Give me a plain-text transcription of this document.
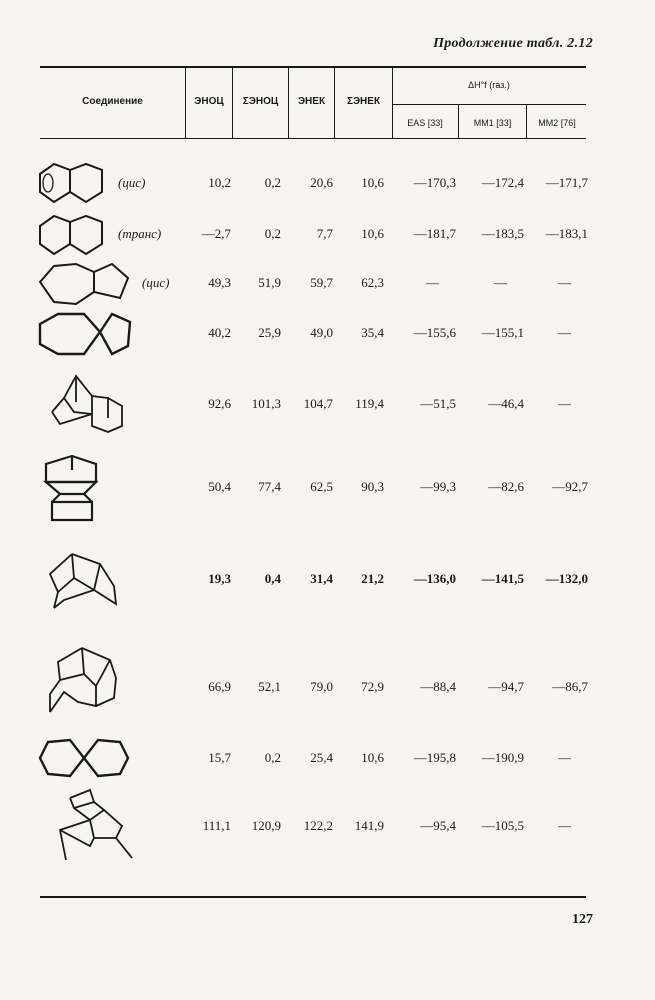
Продолжение табл. 2.12
Соединение	ЭНОЦ	ΣЭНОЦ	ЭНЕК	ΣЭНЕК
ΔH°f (газ.)
EAS [33]	MM1 [33]	MM2 [76]
(цис)	10,2	0,2 20,6 10,6 —170,3 —172,4 —171,7
(транс)	—2,7	0,2	7,7 10,6 —181,7 —183,5 —183,1
(цис)	49,3 51,9 59,7 62,3	—	—	—
40,2 25,9 49,0 35,4 —155,6 —155,1	—
92,6 101,3 104,7 119,4	—51,5 —46,4	—
50,4 77,4 62,5 90,3	—99,3 —82,6 —92,7
19,3	0,4 31,4 21,2 —136,0 —141,5 —132,0
66,9 52,1 79,0 72,9	—88,4 —94,7 —86,7
15,7	0,2 25,4 10,6 —195,8 —190,9	—
111,1 120,9 122,2 141,9	—95,4 —105,5	—
127
